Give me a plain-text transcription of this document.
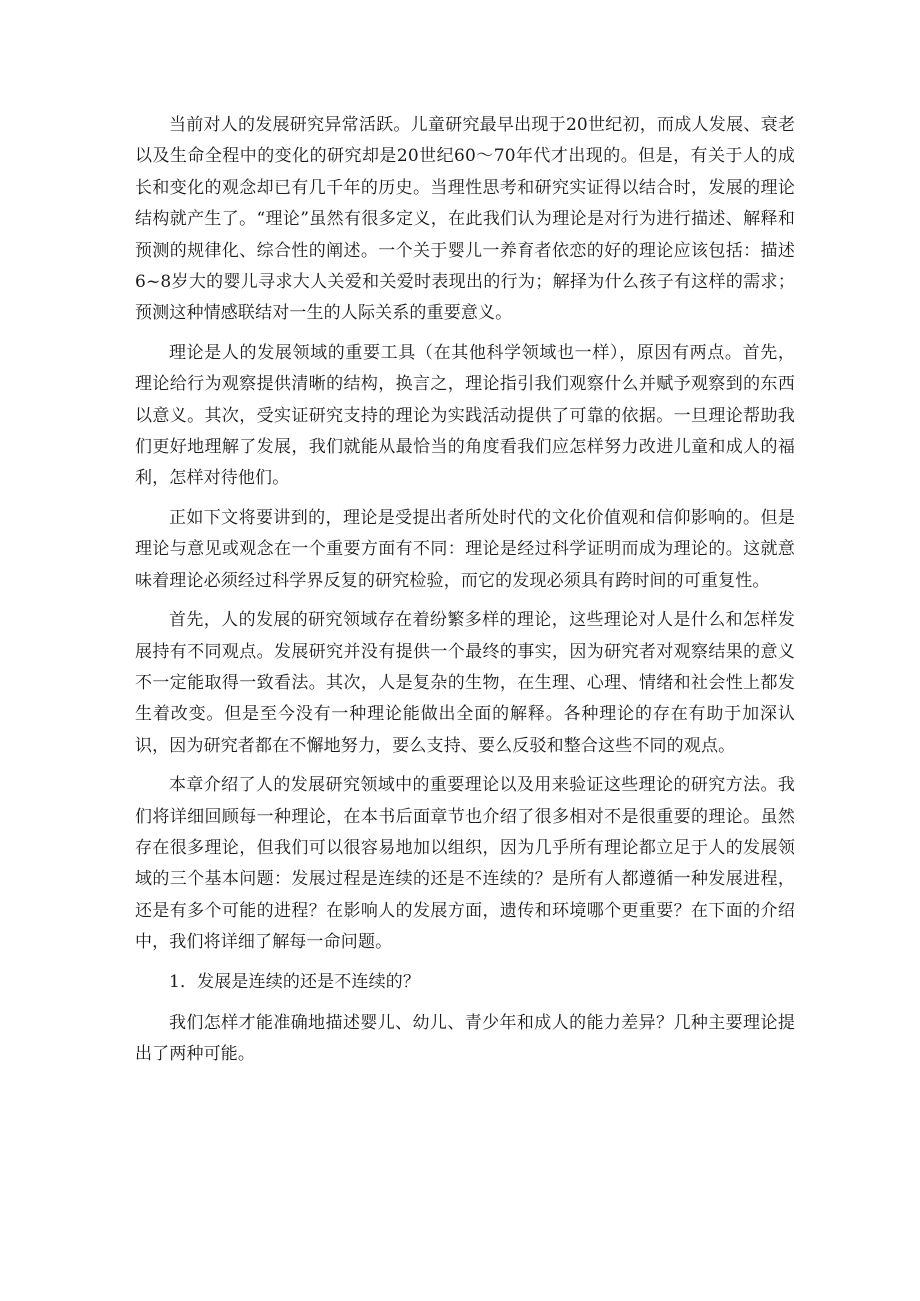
当前对人的发展研究异常活跃。儿童研究最早出现于20世纪初，而成人发展、衰老以及生命全程中的变化的研究却是20世纪60～70年代才出现的。但是，有关于人的成长和变化的观念却已有几千年的历史。当理性思考和研究实证得以结合时，发展的理论结构就产生了。“理论”虽然有很多定义，在此我们认为理论是对行为进行描述、解释和预测的规律化、综合性的阐述。一个关于婴儿一养育者依恋的好的理论应该包括：描述6~8岁大的婴儿寻求大人关爱和关爱时表现出的行为；解择为什么孩子有这样的需求；预测这种情感联结对一生的人际关系的重要意义。

理论是人的发展领域的重要工具（在其他科学领域也一样），原因有两点。首先，理论给行为观察提供清晰的结构，换言之，理论指引我们观察什么并赋予观察到的东西以意义。其次，受实证研究支持的理论为实践活动提供了可靠的依据。一旦理论帮助我们更好地理解了发展，我们就能从最恰当的角度看我们应怎样努力改进儿童和成人的福利，怎样对待他们。

正如下文将要讲到的，理论是受提出者所处时代的文化价值观和信仰影响的。但是理论与意见或观念在一个重要方面有不同：理论是经过科学证明而成为理论的。这就意味着理论必须经过科学界反复的研究检验，而它的发现必须具有跨时间的可重复性。

首先，人的发展的研究领域存在着纷繁多样的理论，这些理论对人是什么和怎样发展持有不同观点。发展研究并没有提供一个最终的事实，因为研究者对观察结果的意义不一定能取得一致看法。其次，人是复杂的生物，在生理、心理、情绪和社会性上都发生着改变。但是至今没有一种理论能做出全面的解释。各种理论的存在有助于加深认识，因为研究者都在不懈地努力，要么支持、要么反驳和整合这些不同的观点。

本章介绍了人的发展研究领域中的重要理论以及用来验证这些理论的研究方法。我们将详细回顾每一种理论，在本书后面章节也介绍了很多相对不是很重要的理论。虽然存在很多理论，但我们可以很容易地加以组织，因为几乎所有理论都立足于人的发展领域的三个基本问题：发展过程是连续的还是不连续的？是所有人都遵循一种发展进程，还是有多个可能的进程？在影响人的发展方面，遗传和环境哪个更重要？在下面的介绍中，我们将详细了解每一命问题。

1．发展是连续的还是不连续的？

我们怎样才能准确地描述婴儿、幼儿、青少年和成人的能力差异？几种主要理论提出了两种可能。
